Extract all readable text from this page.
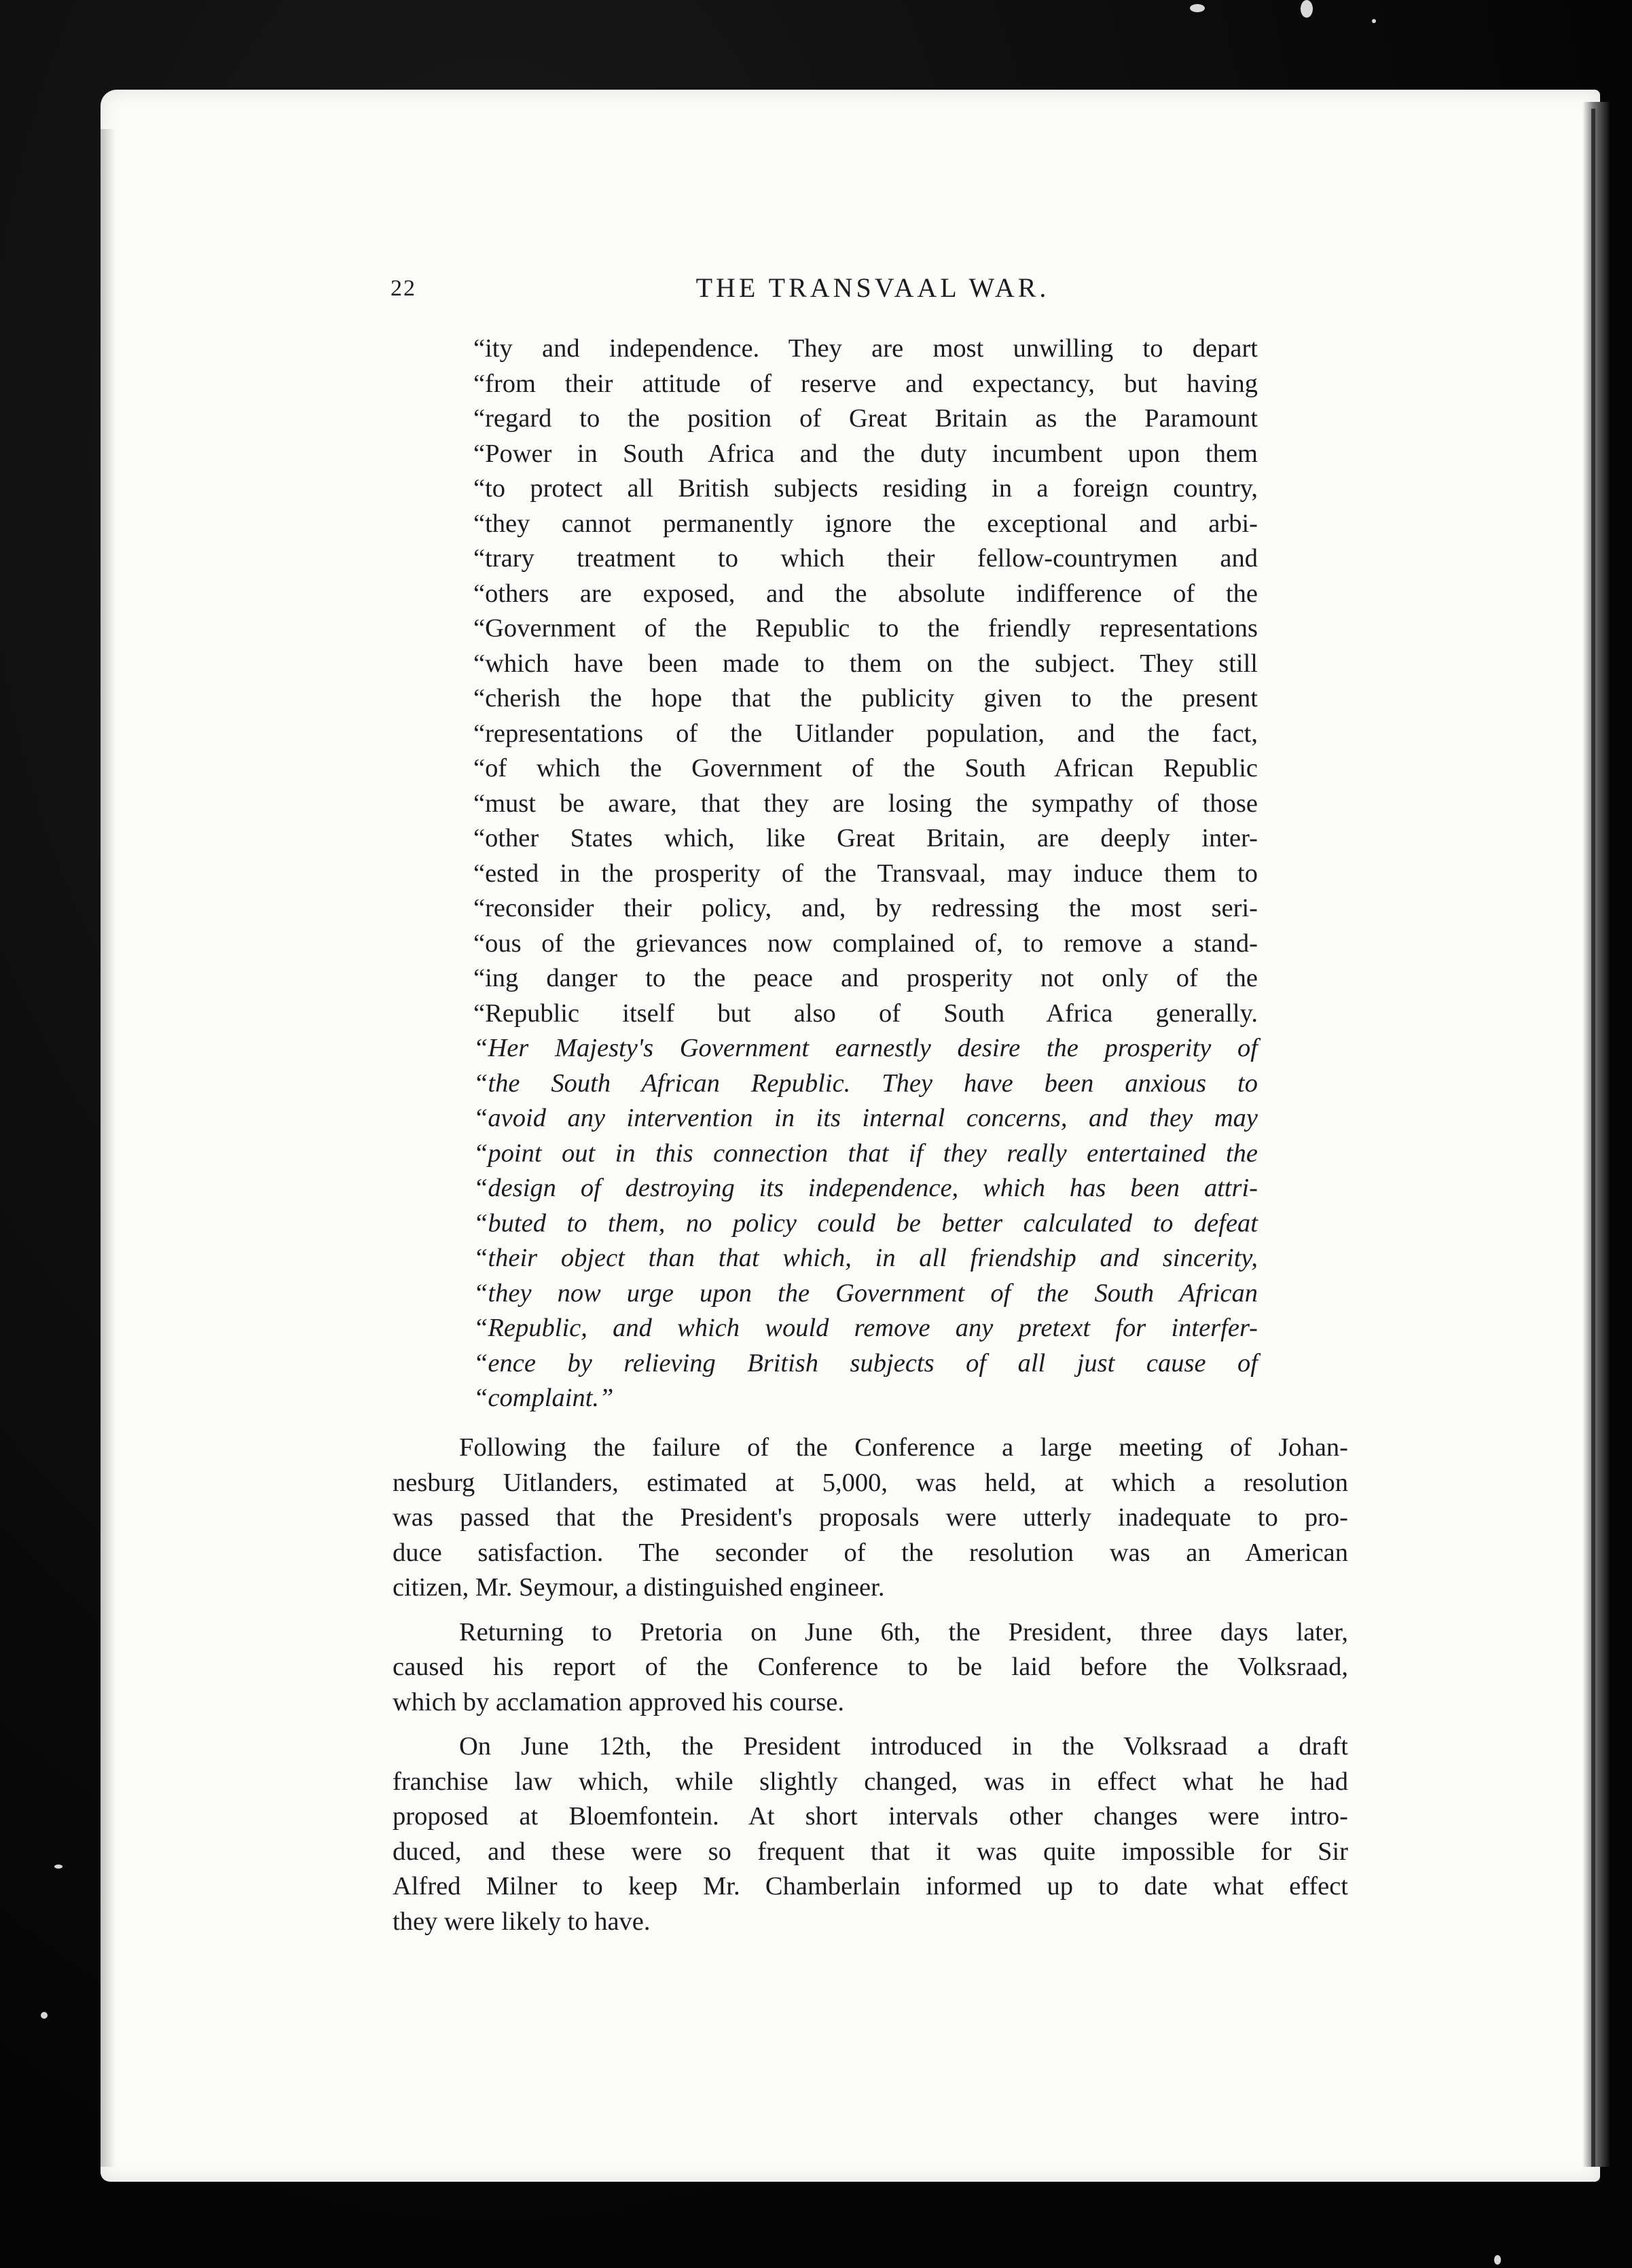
22	THE TRANSVAAL WAR.
“ity and independence. They are most unwilling to depart
“from their attitude of reserve and expectancy, but having
“regard to the position of Great Britain as the Paramount
“Power in South Africa and the duty incumbent upon them
“to protect all British subjects residing in a foreign country,
“they cannot permanently ignore the exceptional and arbi-
“trary treatment to which their fellow-countrymen and
“others are exposed, and the absolute indifference of the
“Government of the Republic to the friendly representations
“which have been made to them on the subject. They still
“cherish the hope that the publicity given to the present
“representations of the Uitlander population, and the fact,
“of which the Government of the South African Republic
“must be aware, that they are losing the sympathy of those
“other States which, like Great Britain, are deeply inter-
“ested in the prosperity of the Transvaal, may induce them to
“reconsider their policy, and, by redressing the most seri-
“ous of the grievances now complained of, to remove a stand-
“ing danger to the peace and prosperity not only of the
“Republic itself but also of South Africa generally.
“Her Majesty's Government earnestly desire the prosperity of
“the South African Republic. They have been anxious to
“avoid any intervention in its internal concerns, and they may
“point out in this connection that if they really entertained the
“design of destroying its independence, which has been attri-
“buted to them, no policy could be better calculated to defeat
“their object than that which, in all friendship and sincerity,
“they now urge upon the Government of the South African
“Republic, and which would remove any pretext for interfer-
“ence by relieving British subjects of all just cause of
“complaint.”
Following the failure of the Conference a large meeting of Johan-
nesburg Uitlanders, estimated at 5,000, was held, at which a resolution
was passed that the President's proposals were utterly inadequate to pro-
duce satisfaction. The seconder of the resolution was an American
citizen, Mr. Seymour, a distinguished engineer.
Returning to Pretoria on June 6th, the President, three days later,
caused his report of the Conference to be laid before the Volksraad,
which by acclamation approved his course.
On June 12th, the President introduced in the Volksraad a draft
franchise law which, while slightly changed, was in effect what he had
proposed at Bloemfontein. At short intervals other changes were intro-
duced, and these were so frequent that it was quite impossible for Sir
Alfred Milner to keep Mr. Chamberlain informed up to date what effect
they were likely to have.
